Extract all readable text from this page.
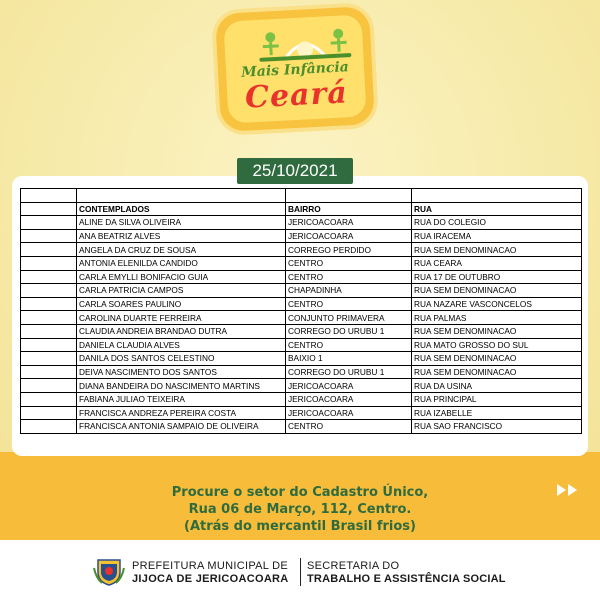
Mais Infância
Ceará
25/10/2021

	CONTEMPLADOS	BAIRRO	RUA
	ALINE DA SILVA OLIVEIRA	JERICOACOARA	RUA DO COLEGIO
	ANA BEATRIZ ALVES	JERICOACOARA	RUA IRACEMA
	ANGELA DA CRUZ DE SOUSA	CORREGO PERDIDO	RUA SEM DENOMINACAO
	ANTONIA ELENILDA CANDIDO	CENTRO	RUA CEARA
	CARLA EMYLLI BONIFACIO GUIA	CENTRO	RUA 17 DE OUTUBRO
	CARLA PATRICIA CAMPOS	CHAPADINHA	RUA SEM DENOMINACAO
	CARLA SOARES PAULINO	CENTRO	RUA NAZARE VASCONCELOS
	CAROLINA DUARTE FERREIRA	CONJUNTO PRIMAVERA	RUA PALMAS
	CLAUDIA ANDREIA BRANDAO DUTRA	CORREGO DO URUBU 1	RUA SEM DENOMINACAO
	DANIELA CLAUDIA ALVES	CENTRO	RUA MATO GROSSO DO SUL
	DANILA DOS SANTOS CELESTINO	BAIXIO 1	RUA SEM DENOMINACAO
	DEIVA NASCIMENTO DOS SANTOS	CORREGO DO URUBU 1	RUA SEM DENOMINACAO
	DIANA BANDEIRA DO NASCIMENTO MARTINS	JERICOACOARA	RUA DA USINA
	FABIANA JULIAO TEIXEIRA	JERICOACOARA	RUA PRINCIPAL
	FRANCISCA ANDREZA PEREIRA COSTA	JERICOACOARA	RUA IZABELLE
	FRANCISCA ANTONIA SAMPAIO DE OLIVEIRA	CENTRO	RUA SAO FRANCISCO
Procure o setor do Cadastro Único,
Rua 06 de Março, 112, Centro.
(Atrás do mercantil Brasil frios)
PREFEITURA MUNICIPAL DE
JIJOCA DE JERICOACOARA
SECRETARIA DO
TRABALHO E ASSISTÊNCIA SOCIAL
